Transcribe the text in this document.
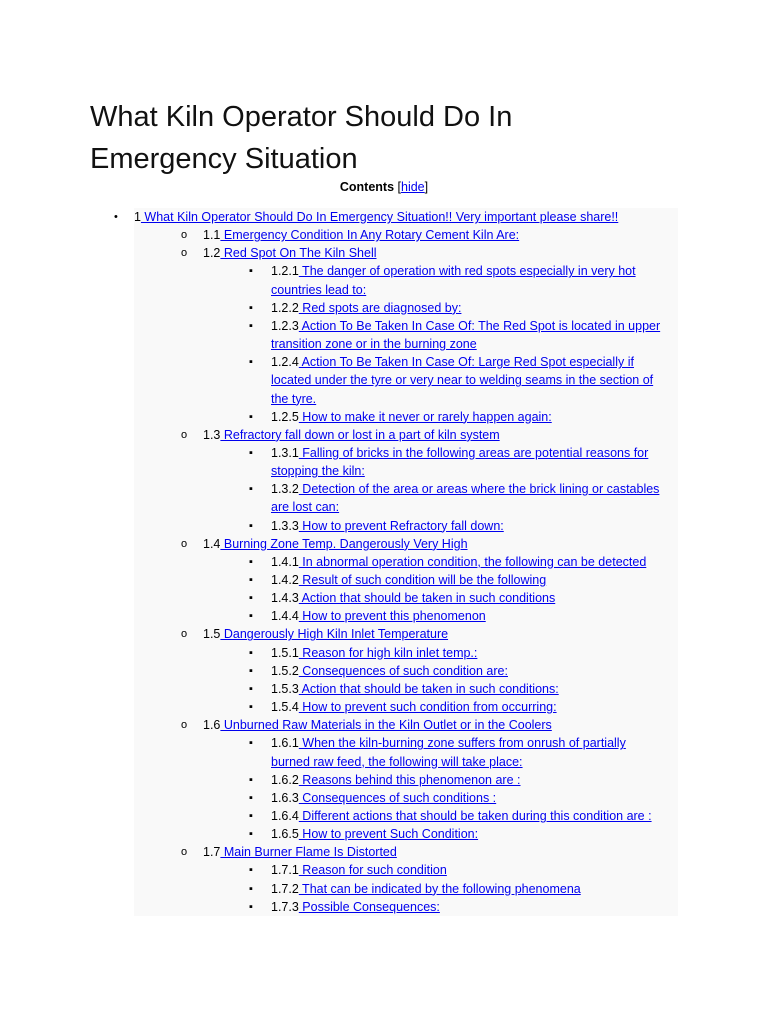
What Kiln Operator Should Do In
Emergency Situation
Contents [hide]
• 1 What Kiln Operator Should Do In Emergency Situation!! Very important please share!!
o 1.1 Emergency Condition In Any Rotary Cement Kiln Are:
o 1.2 Red Spot On The Kiln Shell
▪ 1.2.1 The danger of operation with red spots especially in very hot
countries lead to:
▪ 1.2.2 Red spots are diagnosed by:
▪ 1.2.3 Action To Be Taken In Case Of: The Red Spot is located in upper
transition zone or in the burning zone
▪ 1.2.4 Action To Be Taken In Case Of: Large Red Spot especially if
located under the tyre or very near to welding seams in the section of
the tyre.
▪ 1.2.5 How to make it never or rarely happen again:
o 1.3 Refractory fall down or lost in a part of kiln system
▪ 1.3.1 Falling of bricks in the following areas are potential reasons for
stopping the kiln:
▪ 1.3.2 Detection of the area or areas where the brick lining or castables
are lost can:
▪ 1.3.3 How to prevent Refractory fall down:
o 1.4 Burning Zone Temp. Dangerously Very High
▪ 1.4.1 In abnormal operation condition, the following can be detected
▪ 1.4.2 Result of such condition will be the following
▪ 1.4.3 Action that should be taken in such conditions
▪ 1.4.4 How to prevent this phenomenon
o 1.5 Dangerously High Kiln Inlet Temperature
▪ 1.5.1 Reason for high kiln inlet temp.:
▪ 1.5.2 Consequences of such condition are:
▪ 1.5.3 Action that should be taken in such conditions:
▪ 1.5.4 How to prevent such condition from occurring:
o 1.6 Unburned Raw Materials in the Kiln Outlet or in the Coolers
▪ 1.6.1 When the kiln-burning zone suffers from onrush of partially
burned raw feed, the following will take place:
▪ 1.6.2 Reasons behind this phenomenon are :
▪ 1.6.3 Consequences of such conditions :
▪ 1.6.4 Different actions that should be taken during this condition are :
▪ 1.6.5 How to prevent Such Condition:
o 1.7 Main Burner Flame Is Distorted
▪ 1.7.1 Reason for such condition
▪ 1.7.2 That can be indicated by the following phenomena
▪ 1.7.3 Possible Consequences:
